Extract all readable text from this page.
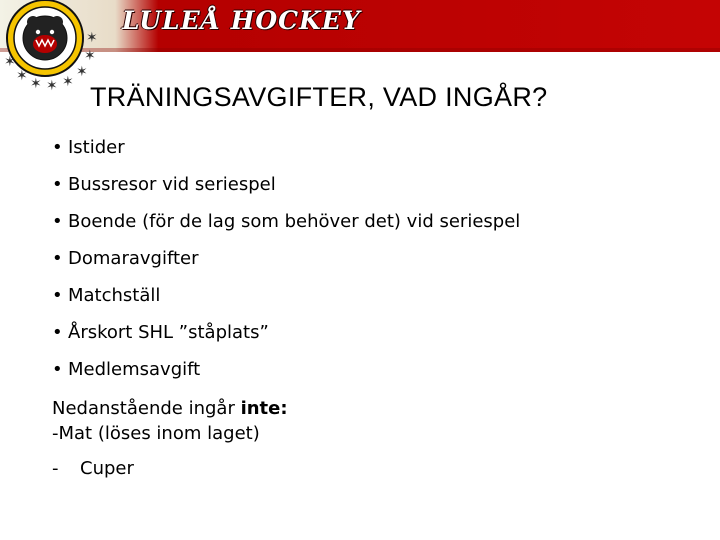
LULEÅ HOCKEY
✶ ✶ ✶ ✶
✶
✶
✶
✶
TRÄNINGSAVGIFTER, VAD INGÅR?
• Istider
• Bussresor vid seriespel
• Boende (för de lag som behöver det) vid seriespel
• Domaravgifter
• Matchställ
• Årskort SHL ”ståplats”
• Medlemsavgift
Nedanstående ingår inte:
-Mat (löses inom laget)
- Cuper
